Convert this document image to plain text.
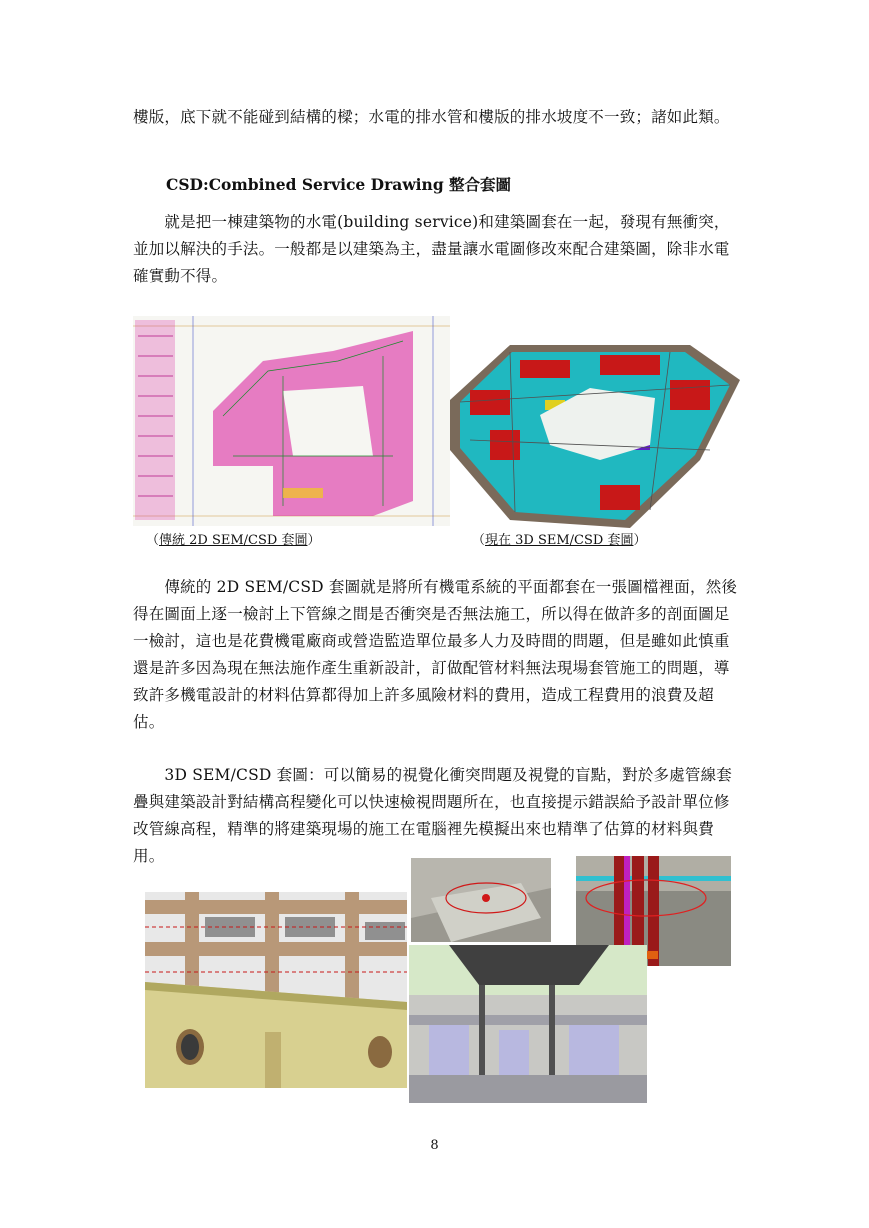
樓版，底下就不能碰到結構的樑；水電的排水管和樓版的排水坡度不一致；諸如此類。
CSD:Combined Service Drawing 整合套圖
　　就是把一棟建築物的水電(building service)和建築圖套在一起，發現有無衝突，並加以解決的手法。一般都是以建築為主，盡量讓水電圖修改來配合建築圖，除非水電確實動不得。
（傳統 2D SEM/CSD 套圖）	（現在 3D SEM/CSD 套圖）
　　傳統的 2D SEM/CSD 套圖就是將所有機電系統的平面都套在一張圖檔裡面，然後得在圖面上逐一檢討上下管線之間是否衝突是否無法施工，所以得在做許多的剖面圖足一檢討，這也是花費機電廠商或營造監造單位最多人力及時間的問題，但是雖如此慎重還是許多因為現在無法施作產生重新設計，訂做配管材料無法現場套管施工的問題，導致許多機電設計的材料估算都得加上許多風險材料的費用，造成工程費用的浪費及超估。
　　3D SEM/CSD 套圖：可以簡易的視覺化衝突問題及視覺的盲點，對於多處管線套疊與建築設計對結構高程變化可以快速檢視問題所在，也直接提示錯誤給予設計單位修改管線高程，精準的將建築現場的施工在電腦裡先模擬出來也精準了估算的材料與費用。
8
